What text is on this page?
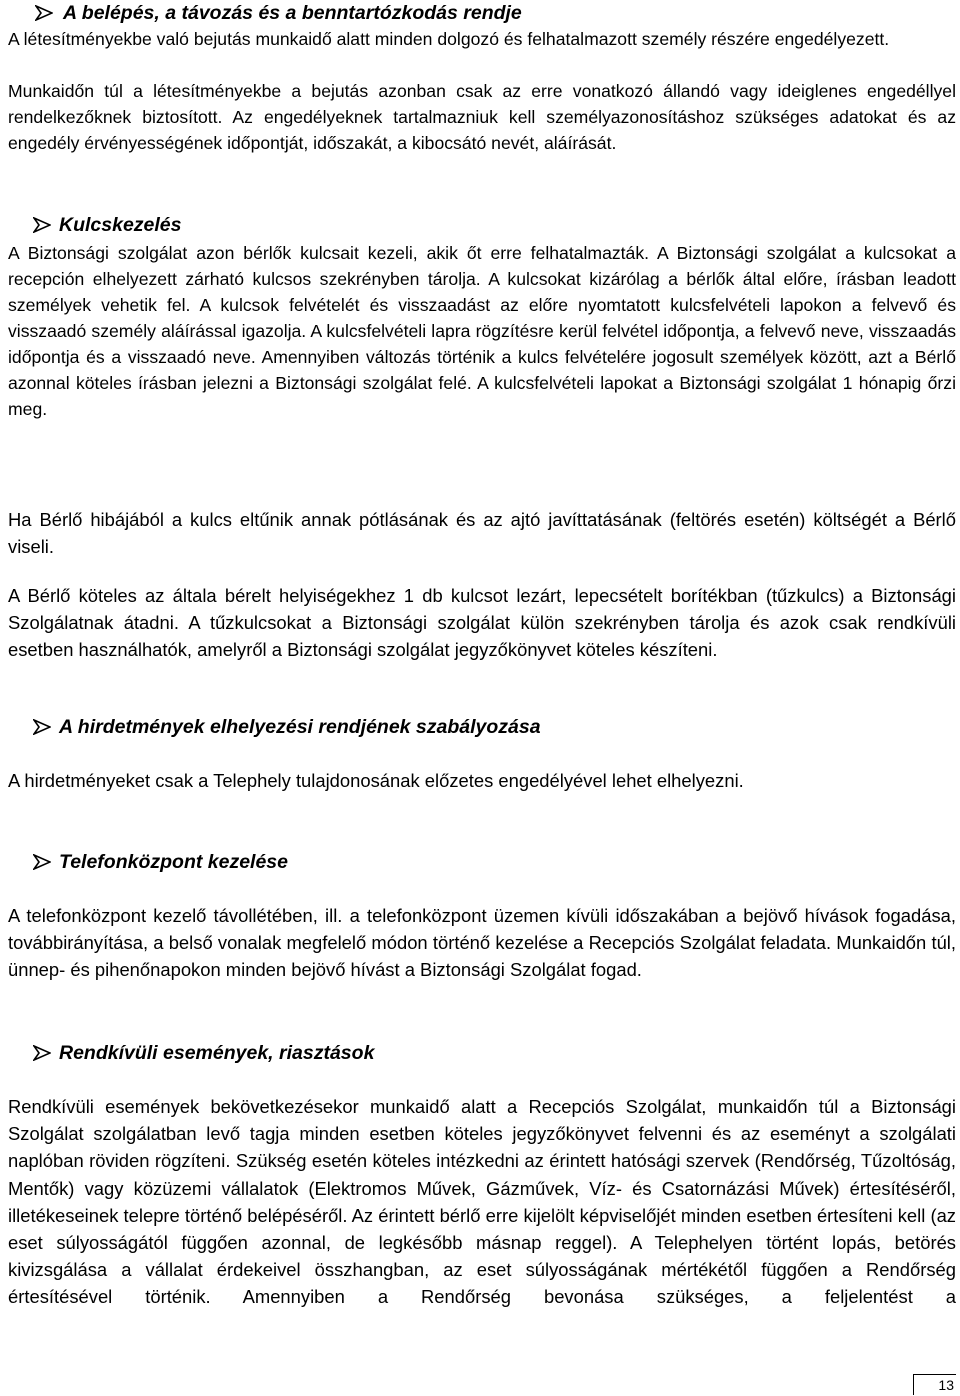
A belépés, a távozás és a benntartózkodás rendje

A létesítményekbe való bejutás munkaidő alatt minden dolgozó és felhatalmazott személy részére engedélyezett.

Munkaidőn túl a létesítményekbe a bejutás azonban csak az erre vonatkozó állandó vagy ideiglenes engedéllyel rendelkezőknek biztosított. Az engedélyeknek tartalmazniuk kell személyazonosításhoz szükséges adatokat és az engedély érvényességének időpontját, időszakát, a kibocsátó nevét, aláírását.

Kulcskezelés

A Biztonsági szolgálat azon bérlők kulcsait kezeli, akik őt erre felhatalmazták. A Biztonsági szolgálat a kulcsokat a recepción elhelyezett zárható kulcsos szekrényben tárolja. A kulcsokat kizárólag a bérlők által előre, írásban leadott személyek vehetik fel. A kulcsok felvételét és visszaadást az előre nyomtatott kulcsfelvételi lapokon a felvevő és visszaadó személy aláírással igazolja. A kulcsfelvételi lapra rögzítésre kerül felvétel időpontja, a felvevő neve, visszaadás időpontja és a visszaadó neve. Amennyiben változás történik a kulcs felvételére jogosult személyek között, azt a Bérlő azonnal köteles írásban jelezni a Biztonsági szolgálat felé. A kulcsfelvételi lapokat a Biztonsági szolgálat 1 hónapig őrzi meg.

Ha Bérlő hibájából a kulcs eltűnik annak pótlásának és az ajtó javíttatásának (feltörés esetén) költségét a Bérlő viseli.

A Bérlő köteles az általa bérelt helyiségekhez 1 db kulcsot lezárt, lepecsételt borítékban (tűzkulcs) a Biztonsági Szolgálatnak átadni. A tűzkulcsokat a Biztonsági szolgálat külön szekrényben tárolja és azok csak rendkívüli esetben használhatók, amelyről a Biztonsági szolgálat jegyzőkönyvet köteles készíteni.

A hirdetmények elhelyezési rendjének szabályozása

A hirdetményeket csak a Telephely tulajdonosának előzetes engedélyével lehet elhelyezni.

Telefonközpont kezelése

A telefonközpont kezelő távollétében, ill. a telefonközpont üzemen kívüli időszakában a bejövő hívások fogadása, továbbirányítása, a belső vonalak megfelelő módon történő kezelése a Recepciós Szolgálat feladata. Munkaidőn túl, ünnep- és pihenőnapokon minden bejövő hívást a Biztonsági Szolgálat fogad.

Rendkívüli események, riasztások

Rendkívüli események bekövetkezésekor munkaidő alatt a Recepciós Szolgálat, munkaidőn túl a Biztonsági Szolgálat szolgálatban levő tagja minden esetben köteles jegyzőkönyvet felvenni és az eseményt a szolgálati naplóban röviden rögzíteni. Szükség esetén köteles intézkedni az érintett hatósági szervek (Rendőrség, Tűzoltóság, Mentők) vagy közüzemi vállalatok (Elektromos Művek, Gázművek, Víz- és Csatornázási Művek) értesítéséről, illetékeseinek telepre történő belépéséről. Az érintett bérlő erre kijelölt képviselőjét minden esetben értesíteni kell (az eset súlyosságától függően azonnal, de legkésőbb másnap reggel). A Telephelyen történt lopás, betörés kivizsgálása a vállalat érdekeivel összhangban, az eset súlyosságának mértékétől függően a Rendőrség értesítésével történik. Amennyiben a Rendőrség bevonása szükséges, a feljelentést a

13
